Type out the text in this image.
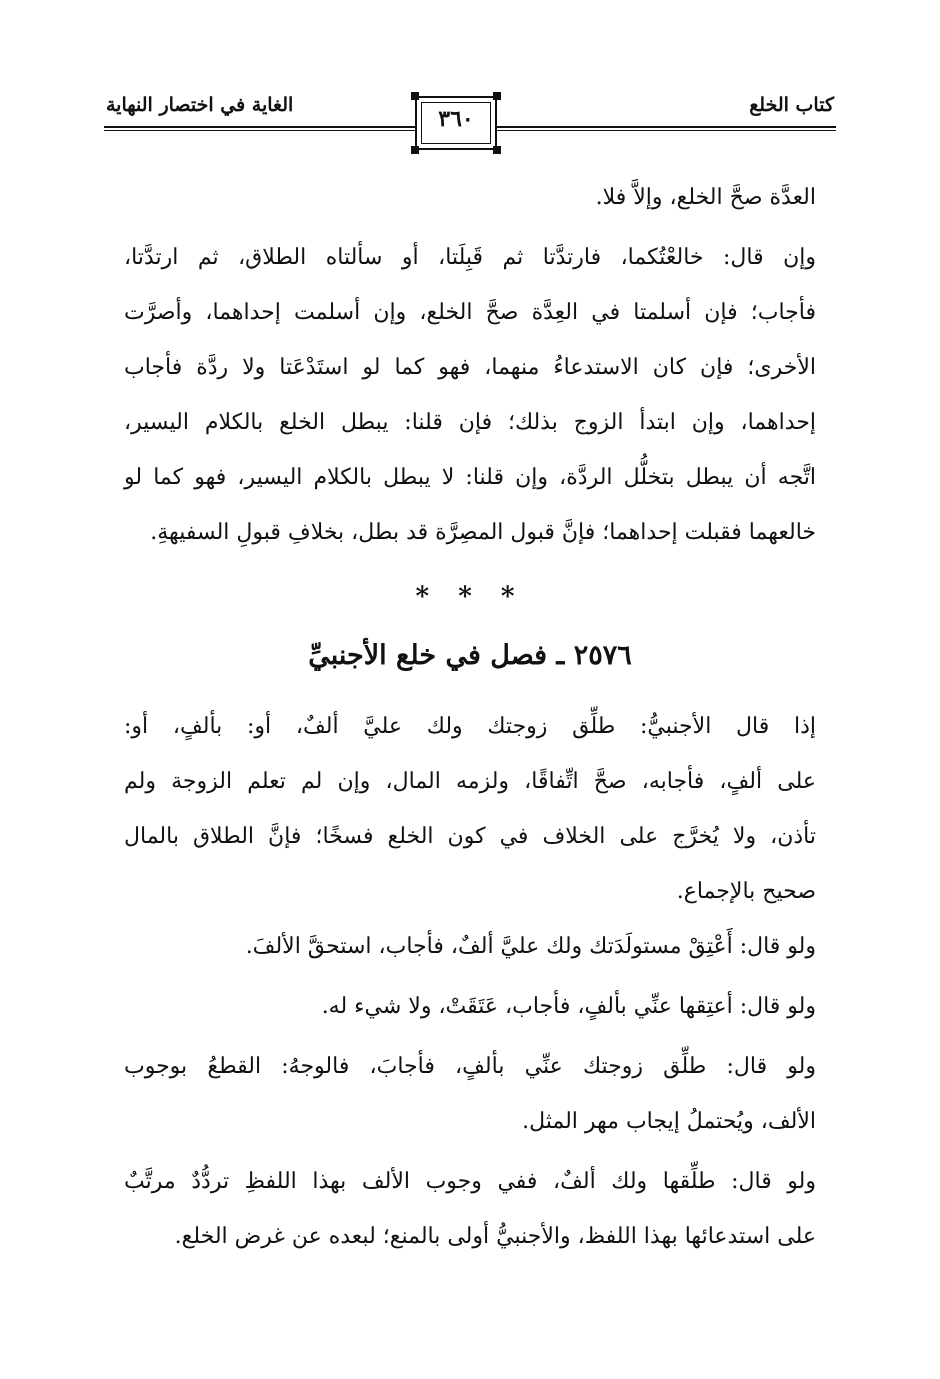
كتاب الخلع
الغاية في اختصار النهاية
٣٦٠
العدَّة صحَّ الخلع، وإلاَّ فلا.
وإن قال: خالعْتُكما، فارتدَّتا ثم قَبِلَتا، أو سألتاه الطلاق، ثم ارتدَّتا،
فأجاب؛ فإن أسلمتا في العِدَّة صحَّ الخلع، وإن أسلمت إحداهما، وأصرَّت
الأخرى؛ فإن كان الاستدعاءُ منهما، فهو كما لو استَدْعَتا ولا ردَّة فأجاب
إحداهما، وإن ابتدأ الزوج بذلك؛ فإن قلنا: يبطل الخلع بالكلام اليسير،
اتَّجه أن يبطل بتخلُّل الردَّة، وإن قلنا: لا يبطل بالكلام اليسير، فهو كما لو
خالعهما فقبلت إحداهما؛ فإنَّ قبول المصِرَّة قد بطل، بخلافِ قبولِ السفيهةِ.
* * *
٢٥٧٦ ـ فصل في خلع الأجنبيِّ
إذا قال الأجنبيُّ: طلِّق زوجتك ولك عليَّ ألفٌ، أو: بألفٍ، أو:
على ألفٍ، فأجابه، صحَّ اتِّفاقًا، ولزمه المال، وإن لم تعلم الزوجة ولم
تأذن، ولا يُخرَّج على الخلاف في كون الخلع فسخًا؛ فإنَّ الطلاق بالمال
صحيح بالإجماع.
ولو قال: أَعْتِقْ مستولَدَتك ولك عليَّ ألفٌ، فأجاب، استحقَّ الألفَ.
ولو قال: أعتِقها عنِّي بألفٍ، فأجاب، عَتَقَتْ، ولا شيء له.
ولو قال: طلِّق زوجتك عنِّي بألفٍ، فأجابَ، فالوجهُ: القطعُ بوجوب
الألف، ويُحتملُ إيجاب مهر المثل.
ولو قال: طلِّقها ولك ألفٌ، ففي وجوب الألف بهذا اللفظِ تردُّدٌ مرتَّبٌ
على استدعائها بهذا اللفظ، والأجنبيُّ أولى بالمنع؛ لبعده عن غرض الخلع.
